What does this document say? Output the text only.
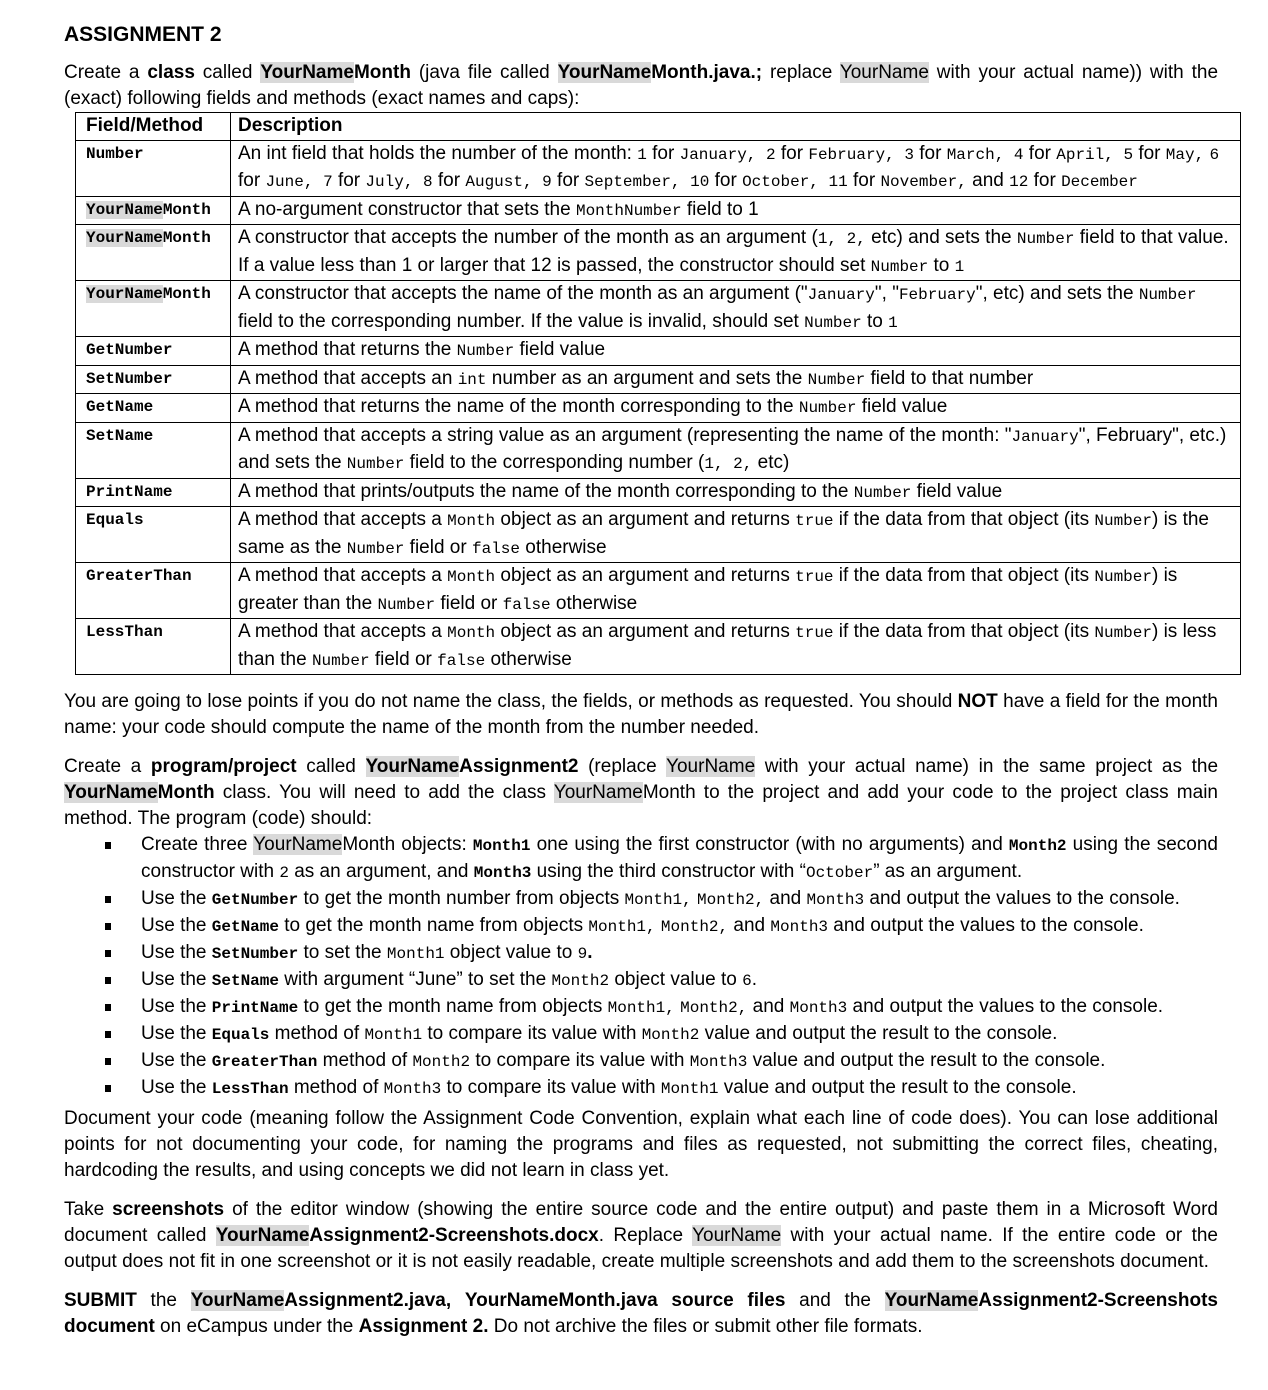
ASSIGNMENT 2

Create a class called YourNameMonth (java file called YourNameMonth.java.; replace YourName with your actual name)) with the (exact) following fields and methods (exact names and caps):

Field/Method	Description
Number	An int field that holds the number of the month: 1 for January, 2 for February, 3 for March, 4 for April, 5 for May, 6 for June, 7 for July, 8 for August, 9 for September, 10 for October, 11 for November, and 12 for December
YourNameMonth	A no-argument constructor that sets the MonthNumber field to 1
YourNameMonth	A constructor that accepts the number of the month as an argument (1, 2, etc) and sets the Number field to that value. If a value less than 1 or larger that 12 is passed, the constructor should set Number to 1
YourNameMonth	A constructor that accepts the name of the month as an argument ("January", "February", etc) and sets the Number field to the corresponding number. If the value is invalid, should set Number to 1
GetNumber	A method that returns the Number field value
SetNumber	A method that accepts an int number as an argument and sets the Number field to that number
GetName	A method that returns the name of the month corresponding to the Number field value
SetName	A method that accepts a string value as an argument (representing the name of the month: "January", February", etc.) and sets the Number field to the corresponding number (1, 2, etc)
PrintName	A method that prints/outputs the name of the month corresponding to the Number field value
Equals	A method that accepts a Month object as an argument and returns true if the data from that object (its Number) is the same as the Number field or false otherwise
GreaterThan	A method that accepts a Month object as an argument and returns true if the data from that object (its Number) is greater than the Number field or false otherwise
LessThan	A method that accepts a Month object as an argument and returns true if the data from that object (its Number) is less than the Number field or false otherwise

You are going to lose points if you do not name the class, the fields, or methods as requested. You should NOT have a field for the month name: your code should compute the name of the month from the number needed.

Create a program/project called YourNameAssignment2 (replace YourName with your actual name) in the same project as the YourNameMonth class. You will need to add the class YourNameMonth to the project and add your code to the project class main method. The program (code) should:

Create three YourNameMonth objects: Month1 one using the first constructor (with no arguments) and Month2 using the second constructor with 2 as an argument, and Month3 using the third constructor with “October” as an argument.
Use the GetNumber to get the month number from objects Month1, Month2, and Month3 and output the values to the console.
Use the GetName to get the month name from objects Month1, Month2, and Month3 and output the values to the console.
Use the SetNumber to set the Month1 object value to 9.
Use the SetName with argument “June” to set the Month2 object value to 6.
Use the PrintName to get the month name from objects Month1, Month2, and Month3 and output the values to the console.
Use the Equals method of Month1 to compare its value with Month2 value and output the result to the console.
Use the GreaterThan method of Month2 to compare its value with Month3 value and output the result to the console.
Use the LessThan method of Month3 to compare its value with Month1 value and output the result to the console.

Document your code (meaning follow the Assignment Code Convention, explain what each line of code does). You can lose additional points for not documenting your code, for naming the programs and files as requested, not submitting the correct files, cheating, hardcoding the results, and using concepts we did not learn in class yet.

Take screenshots of the editor window (showing the entire source code and the entire output) and paste them in a Microsoft Word document called YourNameAssignment2-Screenshots.docx. Replace YourName with your actual name. If the entire code or the output does not fit in one screenshot or it is not easily readable, create multiple screenshots and add them to the screenshots document.

SUBMIT the YourNameAssignment2.java, YourNameMonth.java source files and the YourNameAssignment2-Screenshots document on eCampus under the Assignment 2. Do not archive the files or submit other file formats.
